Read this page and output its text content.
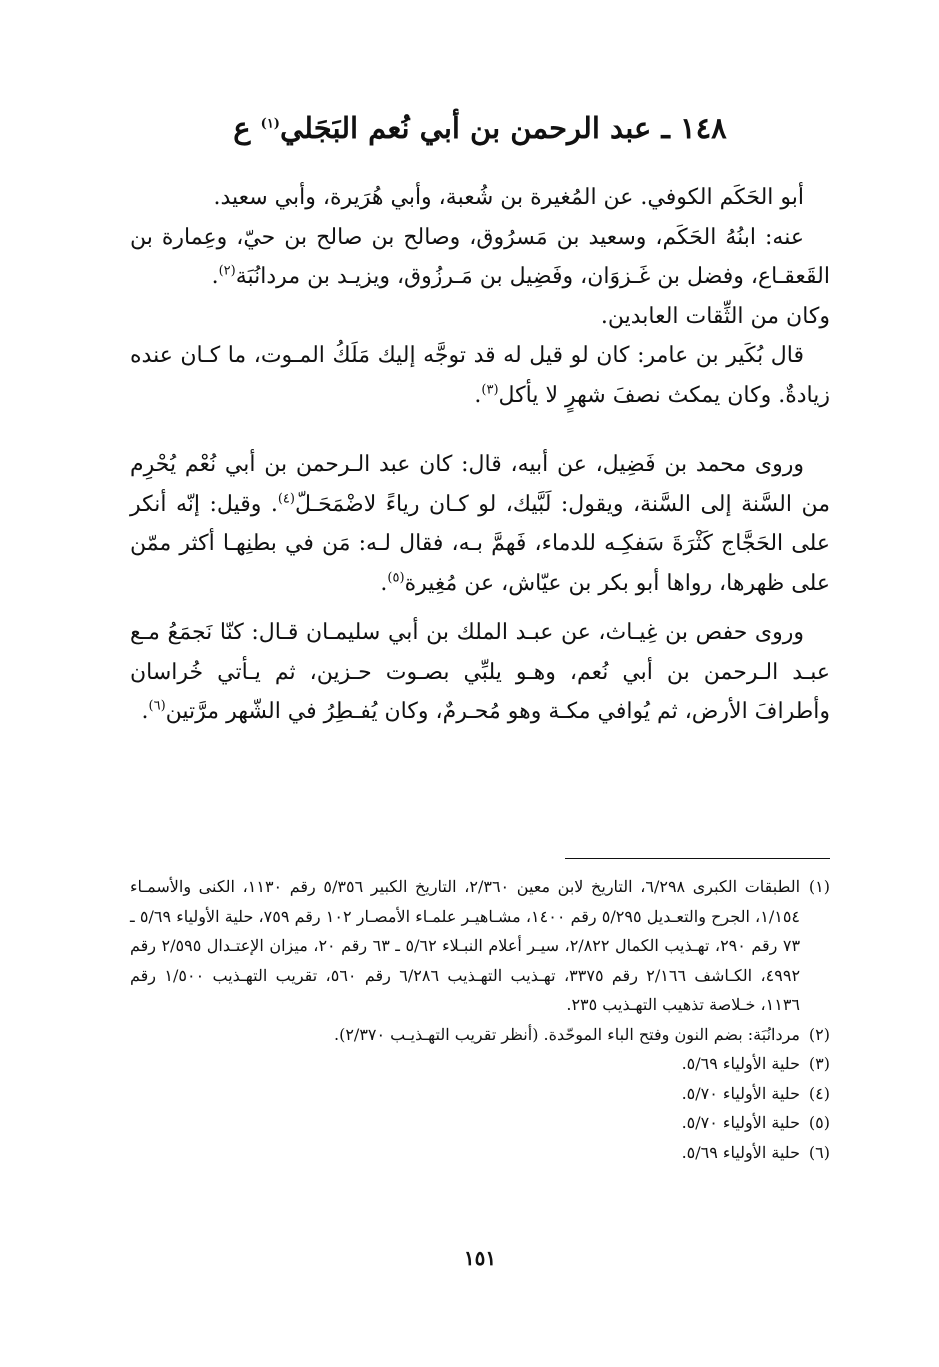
١٤٨ ـ عبد الرحمن بن أبي نُعم البَجَلي$^{(١)}$ ع

أبو الحَكَم الكوفي. عن المُغيرة بن شُعبة، وأبي هُرَيرة، وأبي سعيد.

عنه: ابنُهُ الحَكَم، وسعيد بن مَسرُوق، وصالح بن صالح بن حيّ، وعِمارة بن القَعقـاع، وفضل بن غَـزوَان، وفَضِيل بن مَـرزُوق، ويزيـد بن مردانُبَة$^{(٢)}$.

وكان من الثِّقات العابدين.

قال بُكَير بن عامر: كان لو قيل له قد توجَّه إليك مَلَكُ المـوت، ما كـان عنده زيادةٌ. وكان يمكث نصفَ شهرٍ لا يأكل$^{(٣)}$.

وروى محمد بن فَضِيل، عن أبيه، قال: كان عبد الـرحمن بن أبي نُعْم يُحْرِم من السَّنة إلى السَّنة، ويقول: لَبَّيك، لو كـان رياءً لاضْمَحَـلّ$^{(٤)}$. وقيل: إنّه أنكر على الحَجَّاج كَثْرَةَ سَفكِـه للدماء، فَهمَّ بـه، فقال لـه: مَن في بطنِهـا أكثر ممّن على ظهرها، رواها أبو بكر بن عيّاش، عن مُغِيرة$^{(٥)}$.

وروى حفص بن غِيـاث، عن عبـد الملك بن أبي سليمـان قـال: كنّا نَجمَعُ مـع عبـد الـرحمن بن أبي نُعم، وهـو يلبِّي بصـوت حـزين، ثم يـأتي خُراسان وأطرافَ الأرض، ثم يُوافي مكـة وهو مُحـرمٌ، وكان يُفـطِرُ في الشّهر مرَّتين$^{(٦)}$.

(١)
الطبقات الكبرى ٦/٢٩٨، التاريخ لابن معين ٢/٣٦٠، التاريخ الكبير ٥/٣٥٦ رقم ١١٣٠، الكنى والأسمـاء ١/١٥٤، الجرح والتعـديل ٥/٢٩٥ رقم ١٤٠٠، مشـاهيـر علمـاء الأمصـار ١٠٢ رقم ٧٥٩، حلية الأولياء ٥/٦٩ ـ ٧٣ رقم ٢٩٠، تهـذيب الكمال ٢/٨٢٢، سيـر أعلام النبـلاء ٥/٦٢ ـ ٦٣ رقم ٢٠، ميزان الإعتـدال ٢/٥٩٥ رقم ٤٩٩٢، الكـاشف ٢/١٦٦ رقم ٣٣٧٥، تهـذيب التهـذيب ٦/٢٨٦ رقم ٥٦٠، تقريب التهـذيب ١/٥٠٠ رقم ١١٣٦، خـلاصة تذهيب التهـذيب ٢٣٥.
(٢)
مردانُبَة: بضم النون وفتح الباء الموحّدة. (أنظر تقريب التهـذيـب ٢/٣٧٠).
(٣)
حلية الأولياء ٥/٦٩.
(٤)
حلية الأولياء ٥/٧٠.
(٥)
حلية الأولياء ٥/٧٠.
(٦)
حلية الأولياء ٥/٦٩.
١٥١
